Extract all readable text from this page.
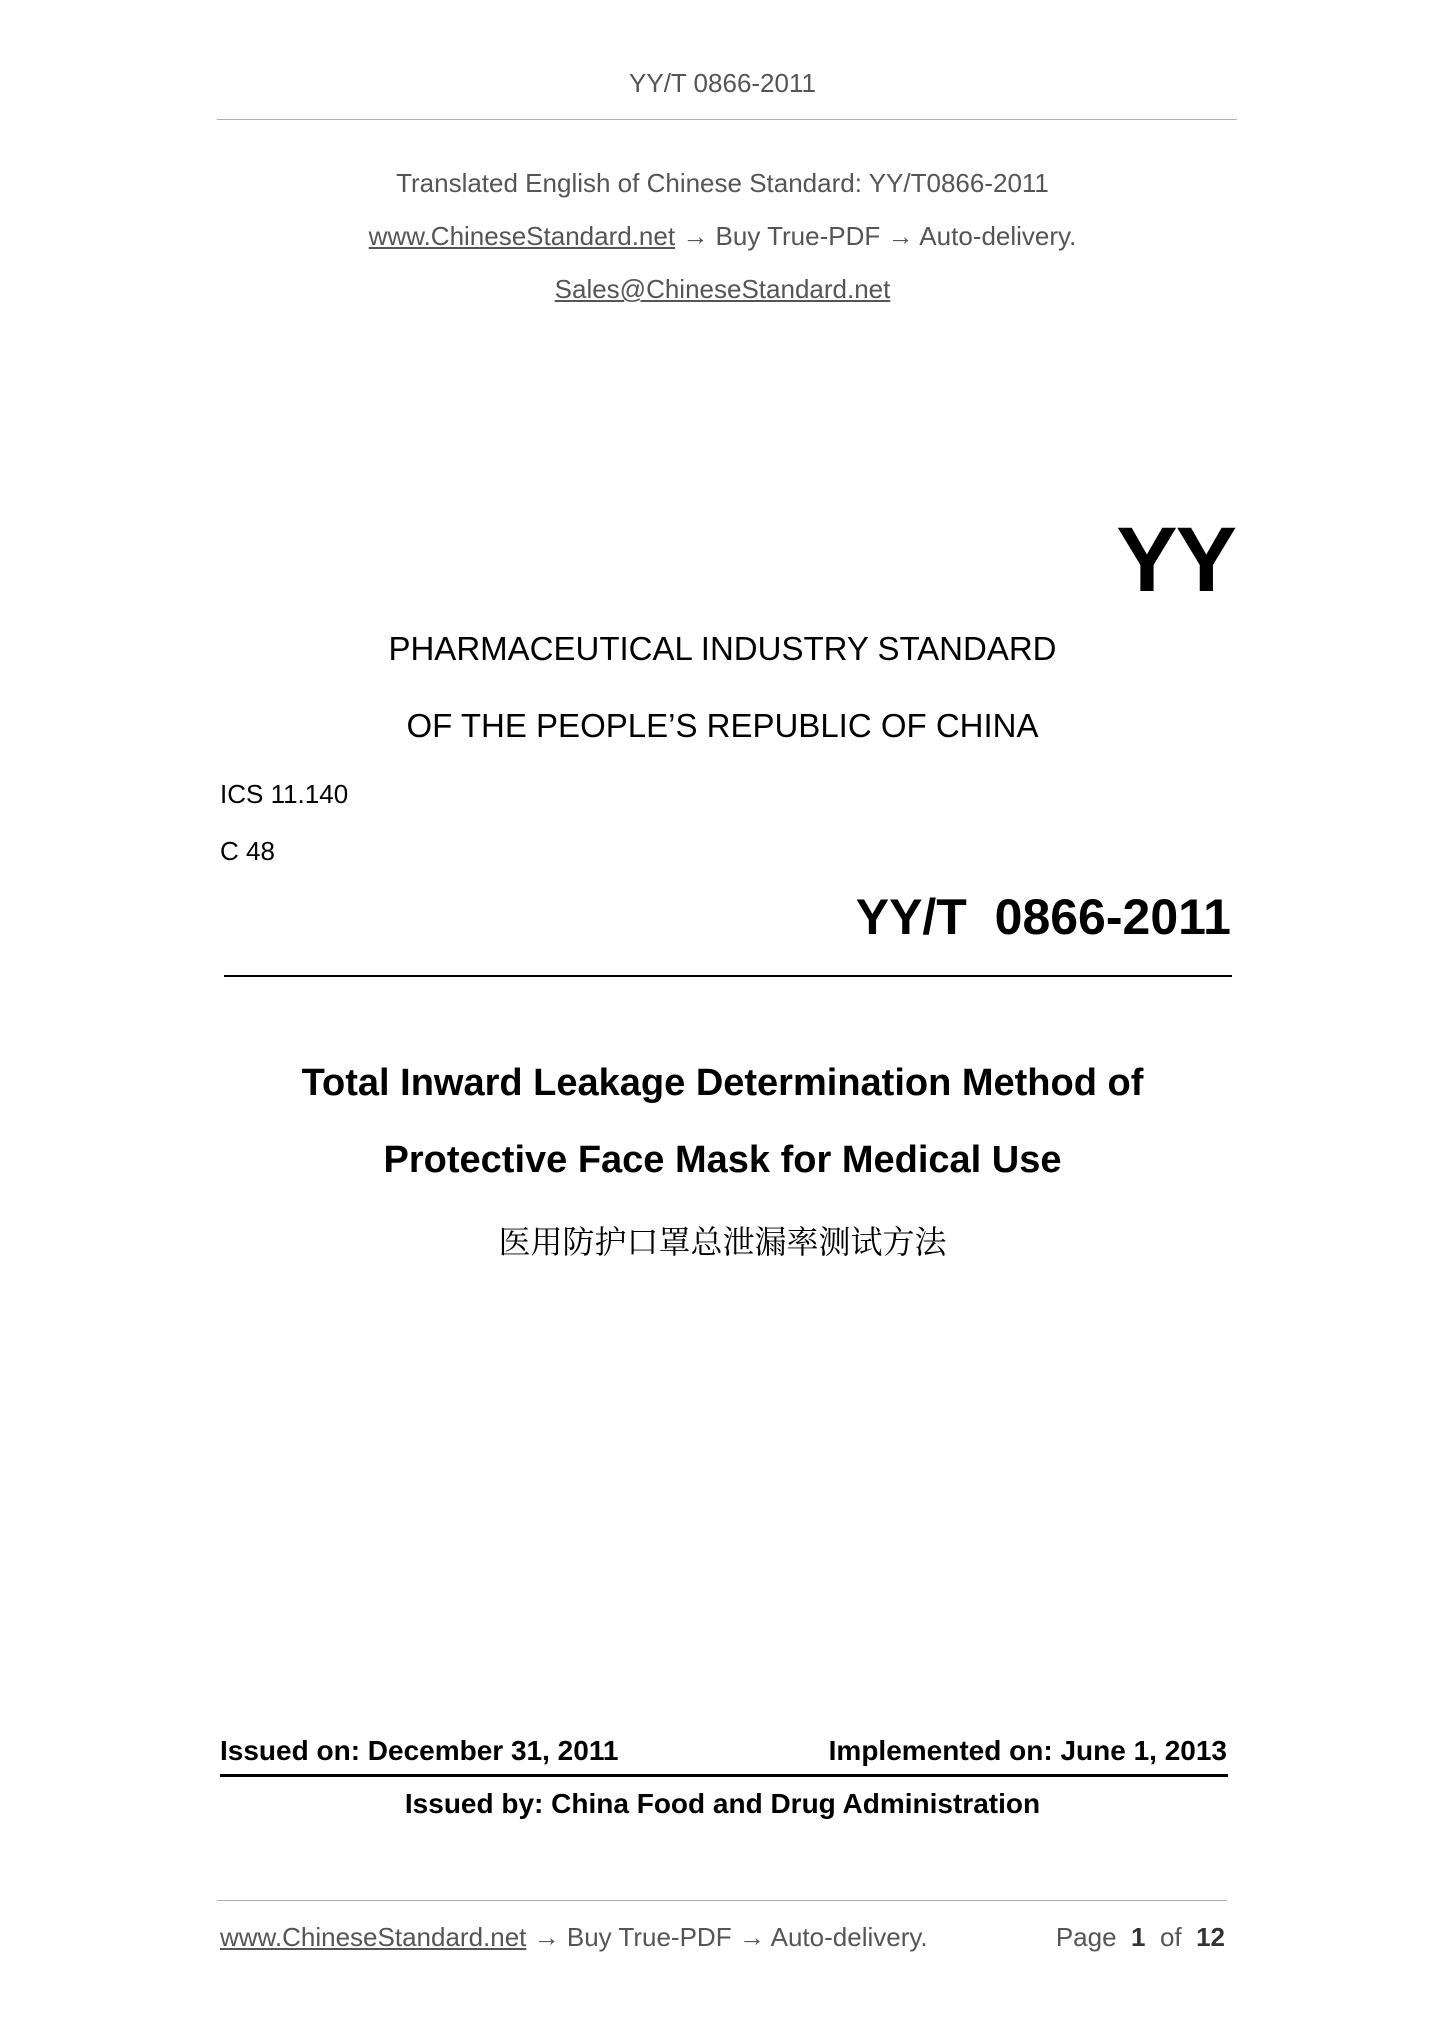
YY/T 0866-2011
Translated English of Chinese Standard: YY/T0866-2011
www.ChineseStandard.net → Buy True-PDF → Auto-delivery.
Sales@ChineseStandard.net
YY
PHARMACEUTICAL INDUSTRY STANDARD
OF THE PEOPLE’S REPUBLIC OF CHINA
ICS 11.140
C 48
YY/T  0866-2011
Total Inward Leakage Determination Method of
Protective Face Mask for Medical Use
医用防护口罩总泄漏率测试方法
Issued on: December 31, 2011	Implemented on: June 1, 2013
Issued by: China Food and Drug Administration
www.ChineseStandard.net → Buy True-PDF → Auto-delivery.	Page 1 of 12
